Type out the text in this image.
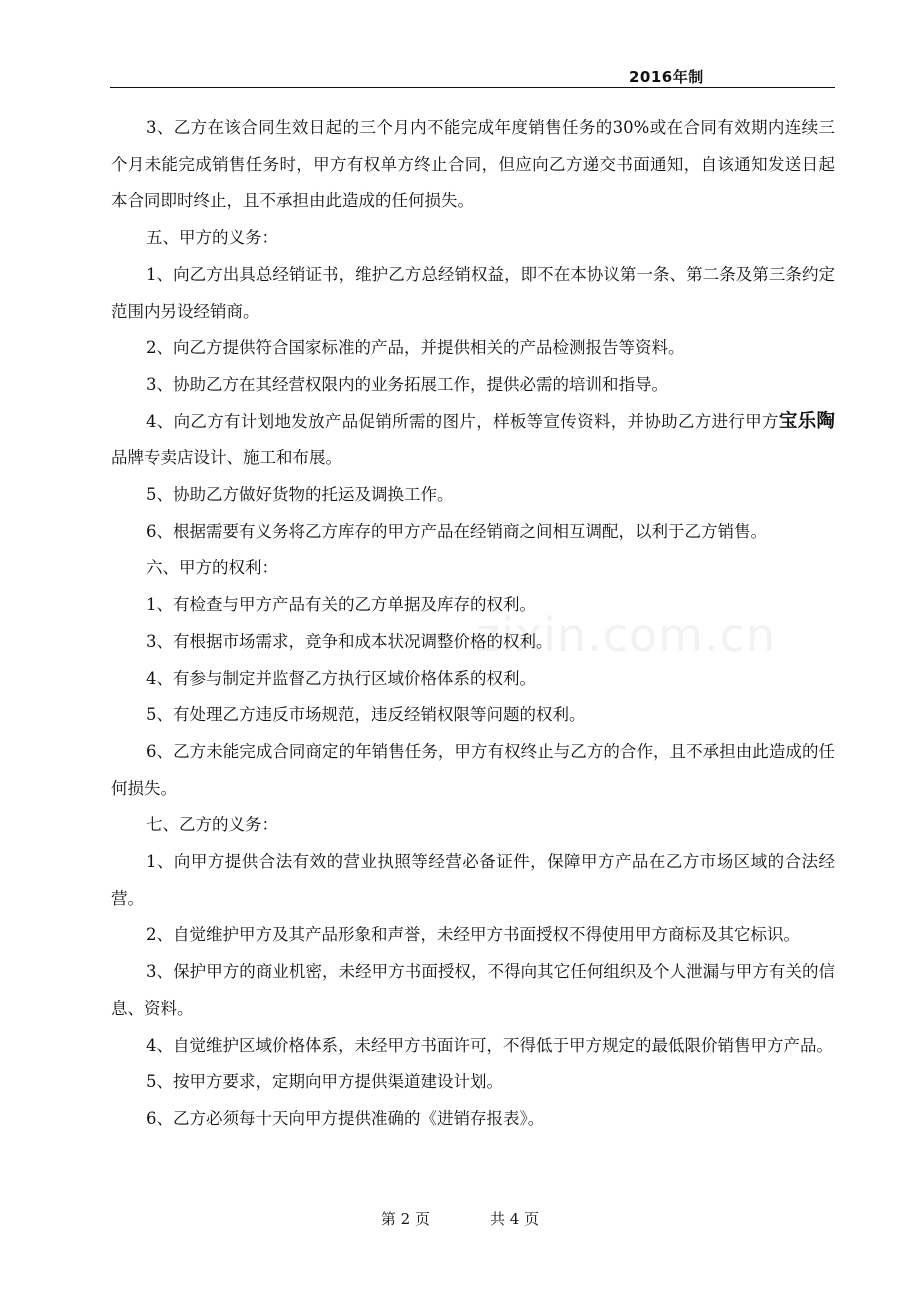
2016年制
zixin.com.cn

3、乙方在该合同生效日起的三个月内不能完成年度销售任务的30%或在合同有效期内连续三个月未能完成销售任务时，甲方有权单方终止合同，但应向乙方递交书面通知，自该通知发送日起本合同即时终止，且不承担由此造成的任何损失。

五、甲方的义务：

1、向乙方出具总经销证书，维护乙方总经销权益，即不在本协议第一条、第二条及第三条约定范围内另设经销商。

2、向乙方提供符合国家标准的产品，并提供相关的产品检测报告等资料。

3、协助乙方在其经营权限内的业务拓展工作，提供必需的培训和指导。

4、向乙方有计划地发放产品促销所需的图片，样板等宣传资料，并协助乙方进行甲方宝乐陶品牌专卖店设计、施工和布展。

5、协助乙方做好货物的托运及调换工作。

6、根据需要有义务将乙方库存的甲方产品在经销商之间相互调配，以利于乙方销售。

六、甲方的权利：

1、有检查与甲方产品有关的乙方单据及库存的权利。

3、有根据市场需求，竞争和成本状况调整价格的权利。

4、有参与制定并监督乙方执行区域价格体系的权利。

5、有处理乙方违反市场规范，违反经销权限等问题的权利。

6、乙方未能完成合同商定的年销售任务，甲方有权终止与乙方的合作，且不承担由此造成的任何损失。

七、乙方的义务：

1、向甲方提供合法有效的营业执照等经营必备证件，保障甲方产品在乙方市场区域的合法经营。

2、自觉维护甲方及其产品形象和声誉，未经甲方书面授权不得使用甲方商标及其它标识。

3、保护甲方的商业机密，未经甲方书面授权，不得向其它任何组织及个人泄漏与甲方有关的信息、资料。

4、自觉维护区域价格体系，未经甲方书面许可，不得低于甲方规定的最低限价销售甲方产品。

5、按甲方要求，定期向甲方提供渠道建设计划。

6、乙方必须每十天向甲方提供准确的《进销存报表》。

第 2 页	共 4 页
